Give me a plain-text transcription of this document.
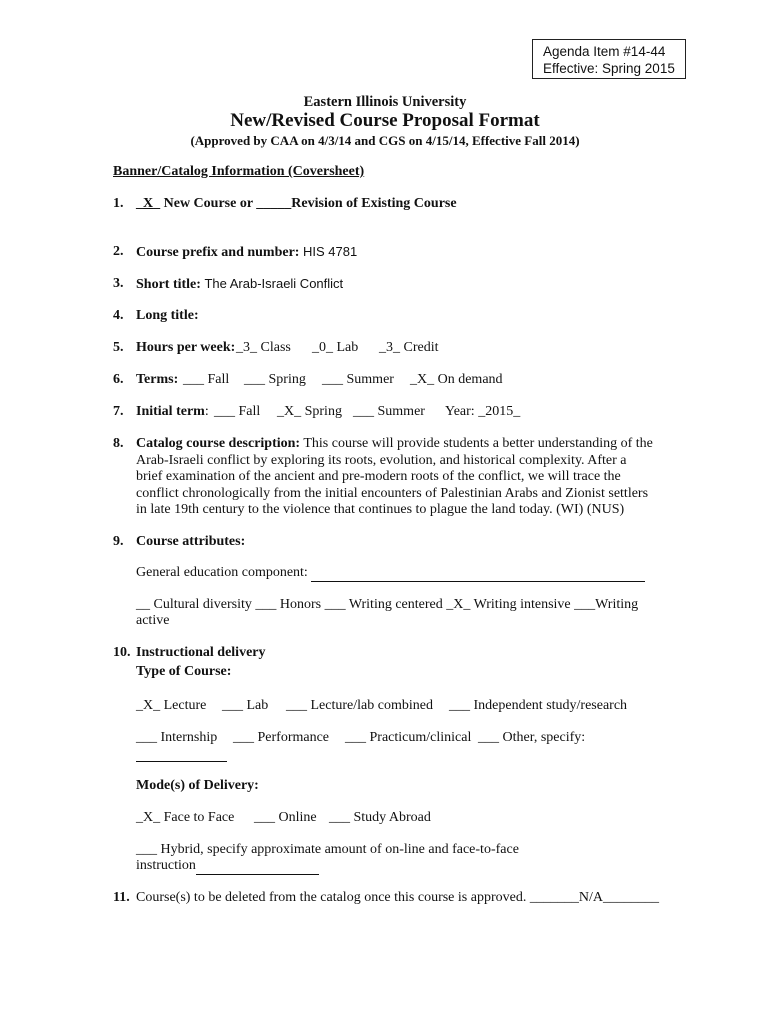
Agenda Item #14-44
Effective: Spring 2015
Eastern Illinois University
New/Revised Course Proposal Format
(Approved by CAA on 4/3/14 and CGS on 4/15/14, Effective Fall 2014)
Banner/Catalog Information (Coversheet)
1. _X_ New Course or _____Revision of Existing Course
2. Course prefix and number: HIS 4781
3. Short title: The Arab-Israeli Conflict
4. Long title:
5. Hours per week: _3_ Class _0_ Lab _3_ Credit
6. Terms: ___ Fall ___ Spring ___ Summer _X_ On demand
7. Initial term: ___ Fall _X_ Spring ___ Summer Year: _2015_
8. Catalog course description: This course will provide students a better understanding of the Arab-Israeli conflict by exploring its roots, evolution, and historical complexity. After a brief examination of the ancient and pre-modern roots of the conflict, we will trace the conflict chronologically from the initial encounters of Palestinian Arabs and Zionist settlers in late 19th century to the violence that continues to plague the land today. (WI) (NUS)
9. Course attributes:
General education component:
__ Cultural diversity ___ Honors ___ Writing centered _X_ Writing intensive ___Writing
active
10. Instructional delivery
Type of Course:
_X_ Lecture ___ Lab ___ Lecture/lab combined ___ Independent study/research
___ Internship ___ Performance ___ Practicum/clinical ___ Other, specify:
Mode(s) of Delivery:
_X_ Face to Face ___ Online ___ Study Abroad
___ Hybrid, specify approximate amount of on-line and face-to-face
instruction
11. Course(s) to be deleted from the catalog once this course is approved. _______N/A________
